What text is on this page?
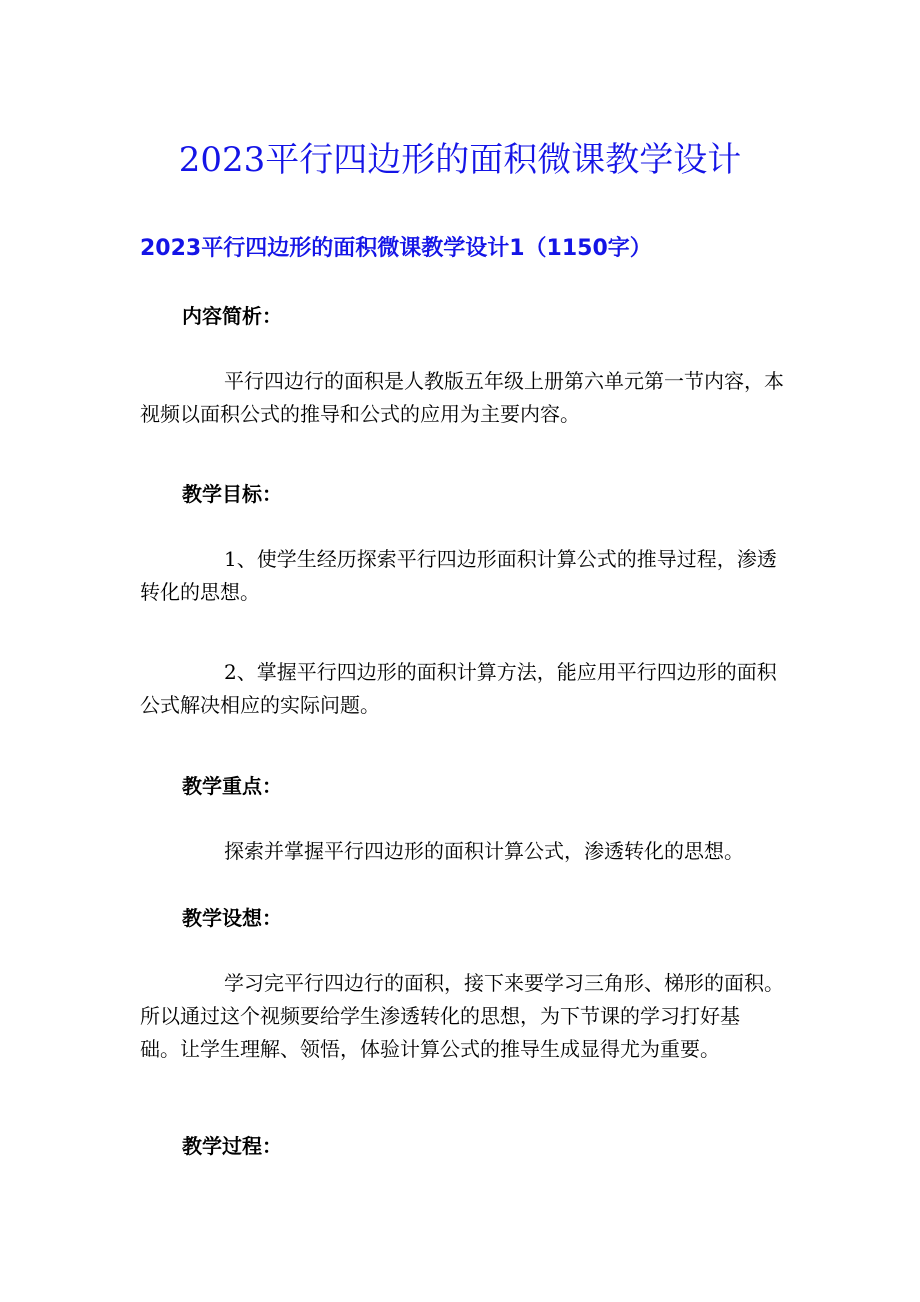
2023平行四边形的面积微课教学设计
2023平行四边形的面积微课教学设计1（1150字）
内容简析：
平行四边行的面积是人教版五年级上册第六单元第一节内容，本
视频以面积公式的推导和公式的应用为主要内容。
教学目标：
1、使学生经历探索平行四边形面积计算公式的推导过程，渗透
转化的思想。
2、掌握平行四边形的面积计算方法，能应用平行四边形的面积
公式解决相应的实际问题。
教学重点：
探索并掌握平行四边形的面积计算公式，渗透转化的思想。
教学设想：
学习完平行四边行的面积，接下来要学习三角形、梯形的面积。
所以通过这个视频要给学生渗透转化的思想，为下节课的学习打好基
础。让学生理解、领悟，体验计算公式的推导生成显得尤为重要。
教学过程：
